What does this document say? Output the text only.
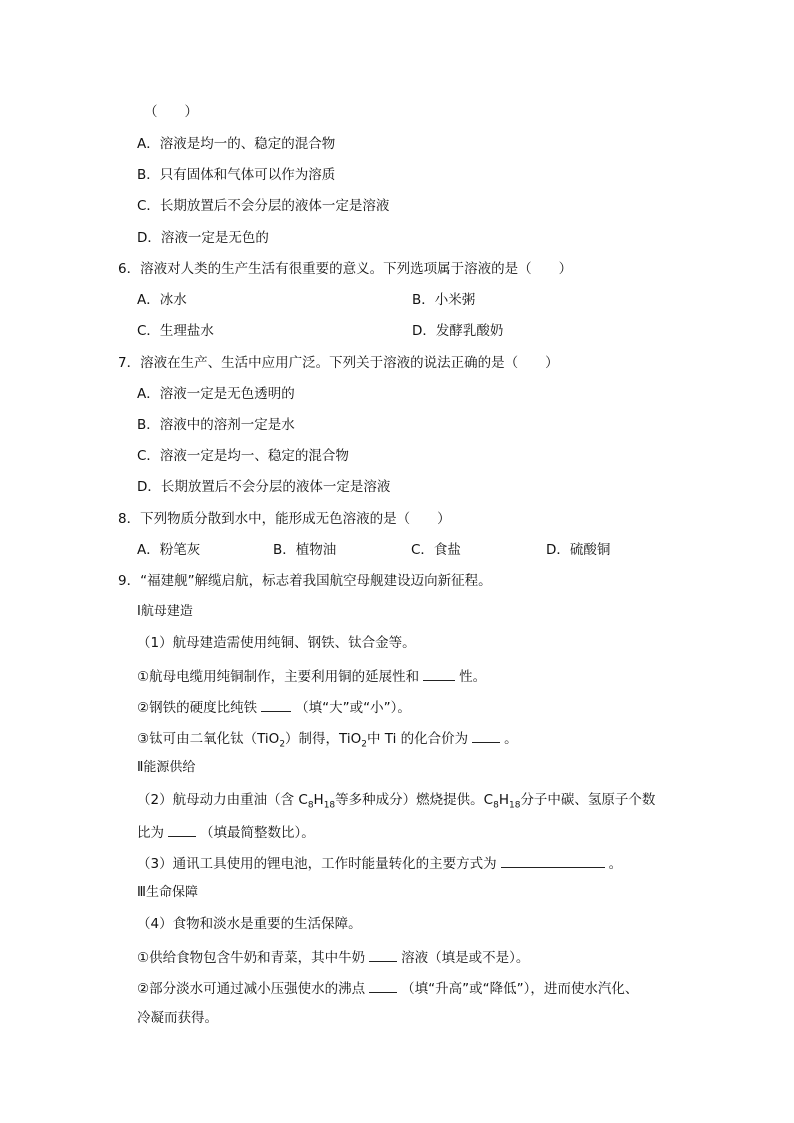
（　　）
A．溶液是均一的、稳定的混合物
B．只有固体和气体可以作为溶质
C．长期放置后不会分层的液体一定是溶液
D．溶液一定是无色的
6．溶液对人类的生产生活有很重要的意义。下列选项属于溶液的是（　　）
A．冰水	B．小米粥
C．生理盐水	D．发酵乳酸奶
7．溶液在生产、生活中应用广泛。下列关于溶液的说法正确的是（　　）
A．溶液一定是无色透明的
B．溶液中的溶剂一定是水
C．溶液一定是均一、稳定的混合物
D．长期放置后不会分层的液体一定是溶液
8．下列物质分散到水中，能形成无色溶液的是（　　）
A．粉笔灰	B．植物油	C．食盐	D．硫酸铜
9．“福建舰”解缆启航，标志着我国航空母舰建设迈向新征程。
Ⅰ航母建造
（1）航母建造需使用纯铜、钢铁、钛合金等。
①航母电缆用纯铜制作，主要利用铜的延展性和	性。
②钢铁的硬度比纯铁	（填“大”或“小”）。
③钛可由二氧化钛（TiO$_2$）制得，TiO$_2$中 Ti 的化合价为	。
Ⅱ能源供给
（2）航母动力由重油（含 $C_8H_{18}$等多种成分）燃烧提供。$C_8H_{18}$分子中碳、氢原子个数
比为	（填最简整数比）。
（3）通讯工具使用的锂电池，工作时能量转化的主要方式为	。
Ⅲ生命保障
（4）食物和淡水是重要的生活保障。
①供给食物包含牛奶和青菜，其中牛奶	溶液（填是或不是）。
②部分淡水可通过减小压强使水的沸点	（填“升高”或“降低”），进而使水汽化、
冷凝而获得。
